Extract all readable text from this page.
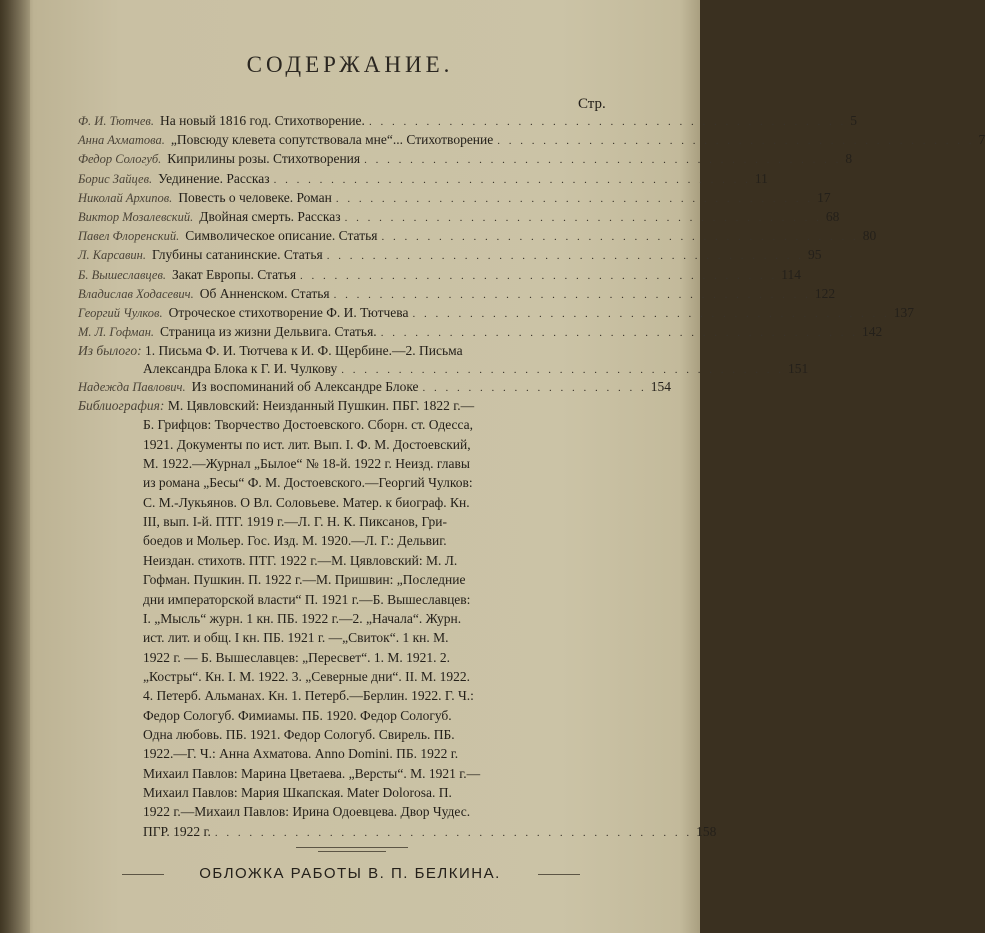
СОДЕРЖАНИЕ.
Стр.
Ф. И. Тютчев. На новый 1816 год. Стихотворение. . . . . . . . . . . . . . . . . . . . . . . . . . . . . . . . . . . . . . . . . . . 5
Анна Ахматова. „Повсюду клевета сопутствовала мне“... Стихотворение . . . . . . . . . . . . . . . . . . . . . . . . . . . . . . . . . . . . . . . . . . 7
Федор Сологуб. Киприлины розы. Стихотворения . . . . . . . . . . . . . . . . . . . . . . . . . . . . . . . . . . . . . . . . . . 8
Борис Зайцев. Уединение. Рассказ . . . . . . . . . . . . . . . . . . . . . . . . . . . . . . . . . . . . . . . . . . 11
Николай Архипов. Повесть о человеке. Роман . . . . . . . . . . . . . . . . . . . . . . . . . . . . . . . . . . . . . . . . . . 17
Виктор Мозалевский. Двойная смерть. Рассказ . . . . . . . . . . . . . . . . . . . . . . . . . . . . . . . . . . . . . . . . . . 68
Павел Флоренский. Символическое описание. Статья . . . . . . . . . . . . . . . . . . . . . . . . . . . . . . . . . . . . . . . . . . 80
Л. Карсавин. Глубины сатанинские. Статья . . . . . . . . . . . . . . . . . . . . . . . . . . . . . . . . . . . . . . . . . . 95
Б. Вышеславцев. Закат Европы. Статья . . . . . . . . . . . . . . . . . . . . . . . . . . . . . . . . . . . . . . . . . . 114
Владислав Ходасевич. Об Анненском. Статья . . . . . . . . . . . . . . . . . . . . . . . . . . . . . . . . . . . . . . . . . . 122
Георгий Чулков. Отроческое стихотворение Ф. И. Тютчева . . . . . . . . . . . . . . . . . . . . . . . . . . . . . . . . . . . . . . . . . . 137
М. Л. Гофман. Страница из жизни Дельвига. Статья. . . . . . . . . . . . . . . . . . . . . . . . . . . . . . . . . . . . . . . . . . . 142
Из былого: 1. Письма Ф. И. Тютчева к И. Ф. Щербине.—2. Письма
Александра Блока к Г. И. Чулкову . . . . . . . . . . . . . . . . . . . . . . . . . . . . . . . . . . . . . . . 151
Надежда Павлович. Из воспоминаний об Александре Блоке . . . . . . . . . . . . . . . . . . . . 154
Библиография: М. Цявловский: Неизданный Пушкин. ПБГ. 1822 г.—
Б. Грифцов: Творчество Достоевского. Сборн. ст. Одесса,
1921. Документы по ист. лит. Вып. I. Ф. М. Достоевский,
М. 1922.—Журнал „Былое“ № 18-й. 1922 г. Неизд. главы
из романа „Бесы“ Ф. М. Достоевского.—Георгий Чулков:
С. М.-Лукьянов. О Вл. Соловьеве. Матер. к биограф. Кн.
III, вып. I-й. ПТГ. 1919 г.—Л. Г. Н. К. Пиксанов, Гри-
боедов и Мольер. Гос. Изд. М. 1920.—Л. Г.: Дельвиг.
Неиздан. стихотв. ПТГ. 1922 г.—М. Цявловский: М. Л.
Гофман. Пушкин. П. 1922 г.—М. Пришвин: „Последние
дни императорской власти“ П. 1921 г.—Б. Вышеславцев:
I. „Мысль“ журн. 1 кн. ПБ. 1922 г.—2. „Начала“. Журн.
ист. лит. и общ. I кн. ПБ. 1921 г. —„Свиток“. 1 кн. М.
1922 г. — Б. Вышеславцев: „Пересвет“. 1. М. 1921. 2.
„Костры“. Кн. I. М. 1922. 3. „Северные дни“. II. М. 1922.
4. Петерб. Альманах. Кн. 1. Петерб.—Берлин. 1922. Г. Ч.:
Федор Сологуб. Фимиамы. ПБ. 1920. Федор Сологуб.
Одна любовь. ПБ. 1921. Федор Сологуб. Свирель. ПБ.
1922.—Г. Ч.: Анна Ахматова. Anno Domini. ПБ. 1922 г.
Михаил Павлов: Марина Цветаева. „Версты“. М. 1921 г.—
Михаил Павлов: Мария Шкапская. Mater Dolorosa. П.
1922 г.—Михаил Павлов: Ирина Одоевцева. Двор Чудес.
ПГР. 1922 г. . . . . . . . . . . . . . . . . . . . . . . . . . . . . . . . . . . . . . . . . . . 158
ОБЛОЖКА РАБОТЫ В. П. БЕЛКИНА.
